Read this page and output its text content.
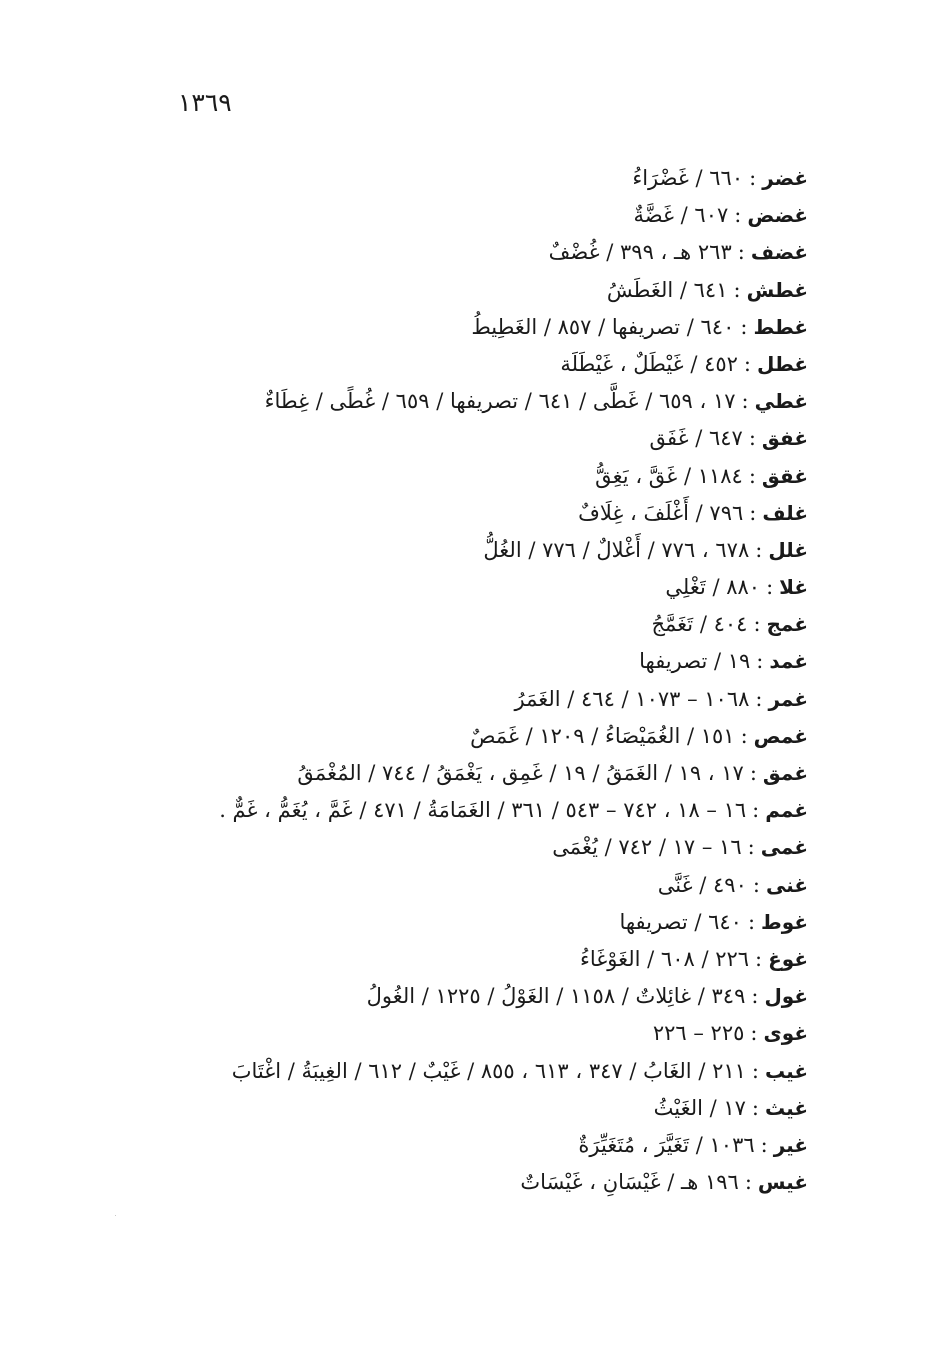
١٣٦٩
غضر:٦٦٠ / غَضْرَاءُ
غضض:٦٠٧ / غَضَّةٌ
غضف:٢٦٣ هـ ، ٣٩٩ / غُضْفٌ
غطش:٦٤١ / الغَطَشُ
غطط:٦٤٠ / تصريفها / ٨٥٧ / الغَطِيطُ
غطل:٤٥٢ / غَيْطَلٌ ، غَيْطَلَة
غطي:١٧ ، ٦٥٩ / غَطَّى / ٦٤١ / تصريفها / ٦٥٩ / غُطًى / غِطَاءٌ
غفق:٦٤٧ / غَفَق
غقق:١١٨٤ / غَقَّ ، يَغِقُّ
غلف:٧٩٦ / أَغْلَفَ ، غِلَافٌ
غلل:٦٧٨ ، ٧٧٦ / أَغْلالٌ / ٧٧٦ / الغُلُّ
غلا:٨٨٠ / تَغْلِي
غمج:٤٠٤ / تَغَمَّجُ
غمد:١٩ / تصريفها
غمر:١٠٦٨ – ١٠٧٣ / ٤٦٤ / الغَمَرُ
غمص:١٥١ / الغُمَيْصَاءُ / ١٢٠٩ / غَمَصٌ
غمق:١٧ ، ١٩ / الغَمَقُ / ١٩ / غَمِق ، يَغْمَقُ / ٧٤٤ / المُغْمَقُ
غمم:١٦ – ١٨ ، ٧٤٢ – ٥٤٣ / ٣٦١ / الغَمَامَةُ / ٤٧١ / غَمَّ ، يُغَمُّ ، غَمٌّ .
غمى:١٦ – ١٧ / ٧٤٢ / يُغْمَى
غنى:٤٩٠ / غَنَّى
غوط:٦٤٠ / تصريفها
غوغ:٢٢٦ / ٦٠٨ / الغَوْغَاءُ
غول:٣٤٩ / غائِلاتٌ / ١١٥٨ / الغَوْلُ / ١٢٢٥ / الغُولُ
غوى:٢٢٥ – ٢٢٦
غيب:٢١١ / الغَابُ / ٣٤٧ ، ٦١٣ ، ٨٥٥ / غَيْبٌ / ٦١٢ / الغِيبَةُ / اغْتَابَ
غيث:١٧ / الغَيْثُ
غير:١٠٣٦ / تَغَيَّرَ ، مُتَغَيِّرَةٌ
غيس:١٩٦ هـ / غَيْسَانِ ، غَيْسَاتٌ
